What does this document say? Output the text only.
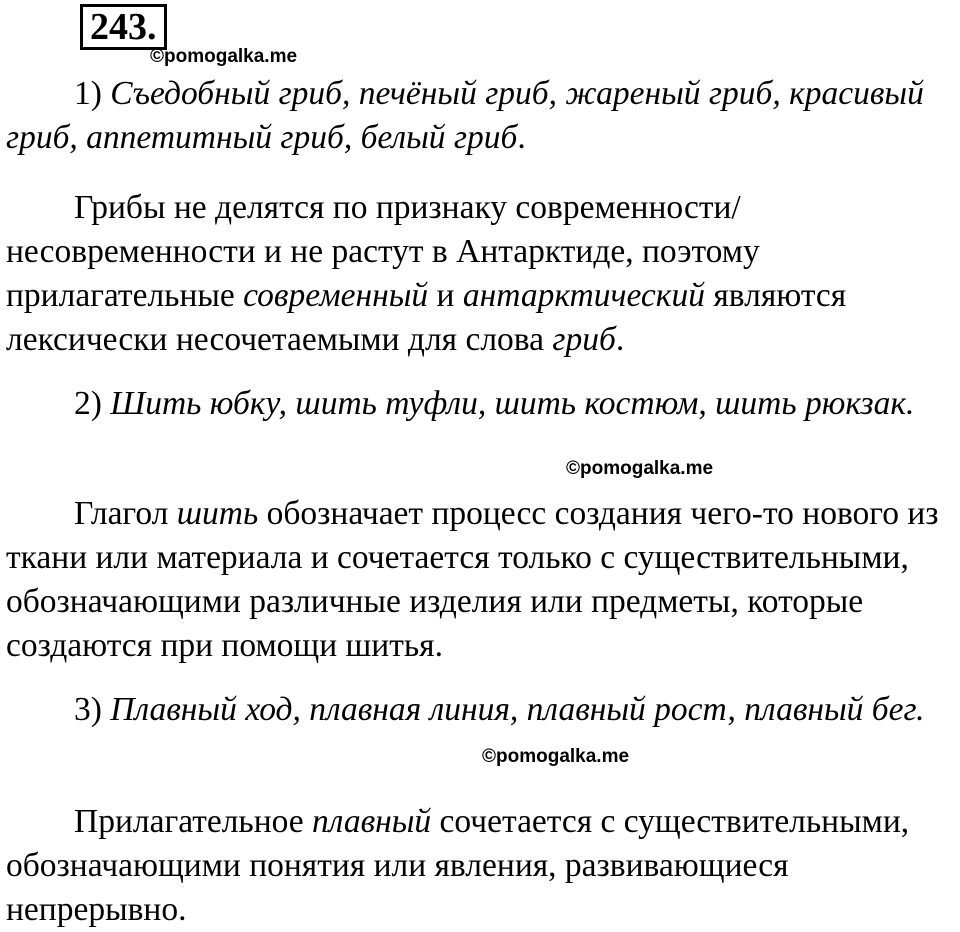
243.
©pomogalka.me

1) Съедобный гриб, печёный гриб, жареный гриб, красивый гриб, аппетитный гриб, белый гриб.

Грибы не делятся по признаку современности/несовременности и не растут в Антарктиде, поэтому прилагательные современный и антарктический являются лексически несочетаемыми для слова гриб.

2) Шить юбку, шить туфли, шить костюм, шить рюкзак.

©pomogalka.me

Глагол шить обозначает процесс создания чего-то нового из ткани или материала и сочетается только с существительными, обозначающими различные изделия или предметы, которые создаются при помощи шитья.

3) Плавный ход, плавная линия, плавный рост, плавный бег.

©pomogalka.me

Прилагательное плавный сочетается с существительными, обозначающими понятия или явления, развивающиеся непрерывно.
